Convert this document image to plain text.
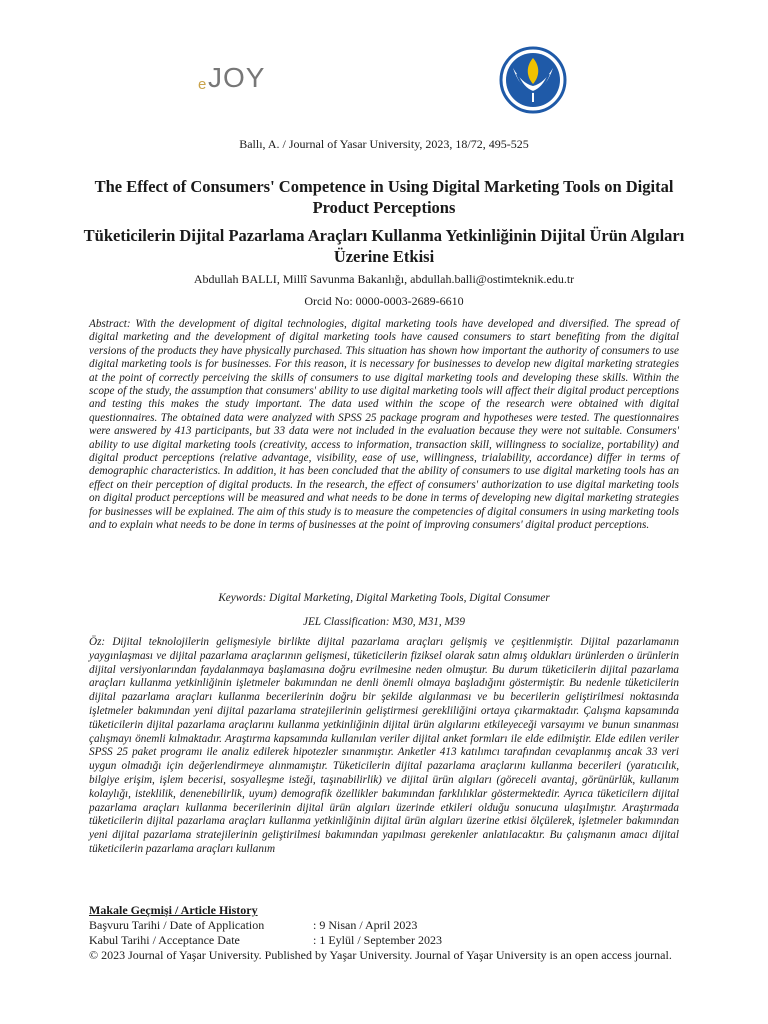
e JOY
Ballı, A. / Journal of Yasar University, 2023, 18/72, 495-525
The Effect of Consumers' Competence in Using Digital Marketing Tools on Digital Product Perceptions
Tüketicilerin Dijital Pazarlama Araçları Kullanma Yetkinliğinin Dijital Ürün Algıları Üzerine Etkisi
Abdullah BALLI, Millî Savunma Bakanlığı, abdullah.balli@ostimteknik.edu.tr
Orcid No: 0000-0003-2689-6610

Abstract: With the development of digital technologies, digital marketing tools have developed and diversified. The spread of digital marketing and the development of digital marketing tools have caused consumers to start benefiting from the digital versions of the products they have physically purchased. This situation has shown how important the authority of consumers to use digital marketing tools is for businesses. For this reason, it is necessary for businesses to develop new digital marketing strategies at the point of correctly perceiving the skills of consumers to use digital marketing tools and developing these skills. Within the scope of the study, the assumption that consumers' ability to use digital marketing tools will affect their digital product perceptions and testing this makes the study important. The data used within the scope of the research were obtained with digital questionnaires. The obtained data were analyzed with SPSS 25 package program and hypotheses were tested. The questionnaires were answered by 413 participants, but 33 data were not included in the evaluation because they were not suitable. Consumers' ability to use digital marketing tools (creativity, access to information, transaction skill, willingness to socialize, portability) and digital product perceptions (relative advantage, visibility, ease of use, willingness, trialability, accordance) differ in terms of demographic characteristics. In addition, it has been concluded that the ability of consumers to use digital marketing tools has an effect on their perception of digital products. In the research, the effect of consumers' authorization to use digital marketing tools on digital product perceptions will be measured and what needs to be done in terms of developing new digital marketing strategies for businesses will be explained. The aim of this study is to measure the competencies of digital consumers in using marketing tools and to explain what needs to be done in terms of businesses at the point of improving consumers' digital product perceptions.

Keywords: Digital Marketing, Digital Marketing Tools, Digital Consumer
JEL Classification: M30, M31, M39

Öz: Dijital teknolojilerin gelişmesiyle birlikte dijital pazarlama araçları gelişmiş ve çeşitlenmiştir. Dijital pazarlamanın yaygınlaşması ve dijital pazarlama araçlarının gelişmesi, tüketicilerin fiziksel olarak satın almış oldukları ürünlerden o ürünlerin dijital versiyonlarından faydalanmaya başlamasına doğru evrilmesine neden olmuştur. Bu durum tüketicilerin dijital pazarlama araçları kullanma yetkinliğinin işletmeler bakımından ne denli önemli olmaya başladığını göstermiştir. Bu nedenle tüketicilerin dijital pazarlama araçları kullanma becerilerinin doğru bir şekilde algılanması ve bu becerilerin geliştirilmesi noktasında işletmeler bakımından yeni dijital pazarlama stratejilerinin geliştirmesi gerekliliğini ortaya çıkarmaktadır. Çalışma kapsamında tüketicilerin dijital pazarlama araçlarını kullanma yetkinliğinin dijital ürün algılarını etkileyeceği varsayımı ve bunun sınanması çalışmayı önemli kılmaktadır. Araştırma kapsamında kullanılan veriler dijital anket formları ile elde edilmiştir. Elde edilen veriler SPSS 25 paket programı ile analiz edilerek hipotezler sınanmıştır. Anketler 413 katılımcı tarafından cevaplanmış ancak 33 veri uygun olmadığı için değerlendirmeye alınmamıştır. Tüketicilerin dijital pazarlama araçlarını kullanma becerileri (yaratıcılık, bilgiye erişim, işlem becerisi, sosyalleşme isteği, taşınabilirlik) ve dijital ürün algıları (göreceli avantaj, görünürlük, kullanım kolaylığı, isteklilik, denenebilirlik, uyum) demografik özellikler bakımından farklılıklar göstermektedir. Ayrıca tüketicilern dijital pazarlama araçları kullanma becerilerinin dijital ürün algıları üzerinde etkileri olduğu sonucuna ulaşılmıştır. Araştırmada tüketicilerin dijital pazarlama araçları kullanma yetkinliğinin dijital ürün algıları üzerine etkisi ölçülerek, işletmeler bakımından yeni dijital pazarlama stratejilerinin geliştirilmesi bakımından yapılması gerekenler anlatılacaktır. Bu çalışmanın amacı dijital tüketicilerin pazarlama araçları kullanım

Makale Geçmişi / Article History
Başvuru Tarihi / Date of Application	: 9 Nisan / April 2023
Kabul Tarihi / Acceptance Date	: 1 Eylül / September 2023
© 2023 Journal of Yaşar University. Published by Yaşar University. Journal of Yaşar University is an open access journal.
